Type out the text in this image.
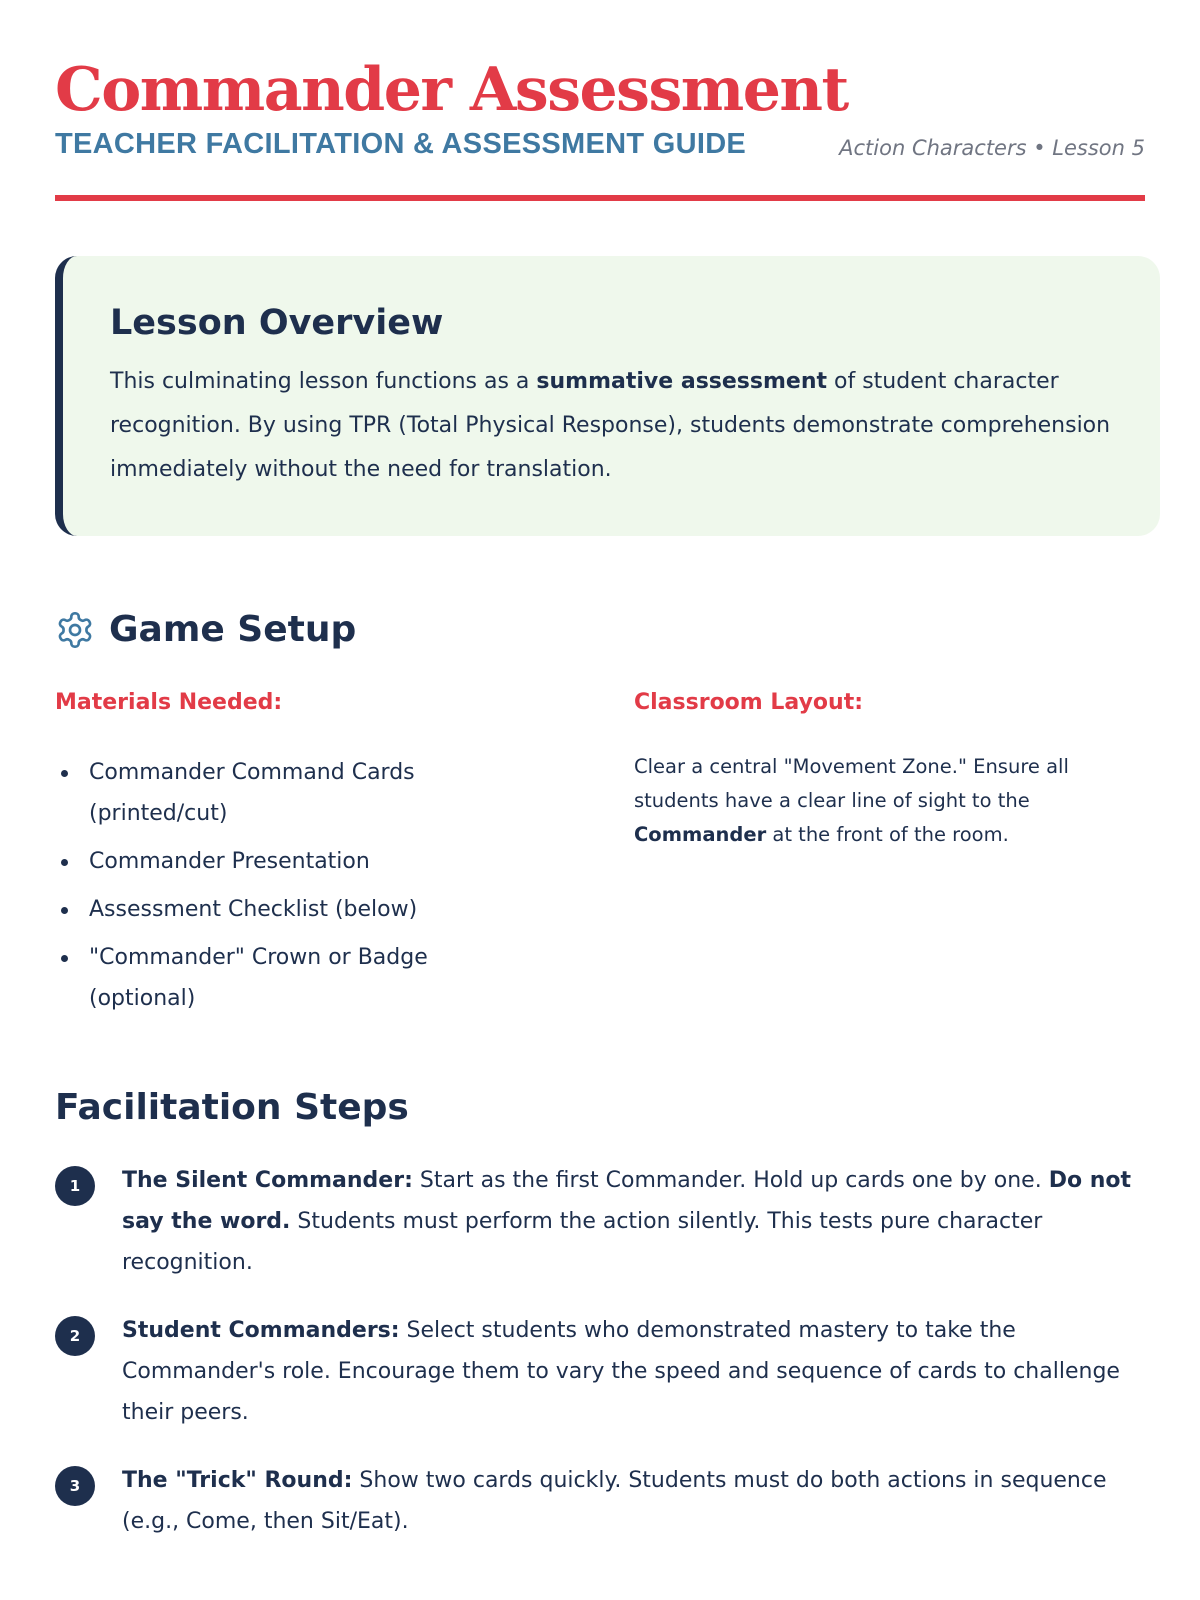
Commander Assessment
TEACHER FACILITATION & ASSESSMENT GUIDE	Action Characters • Lesson 5
Lesson Overview

This culminating lesson functions as a summative assessment of student character recognition. By using TPR (Total Physical Response), students demonstrate comprehension immediately without the need for translation.

Game Setup
Materials Needed:
Commander Command Cards (printed/cut)
Commander Presentation
Assessment Checklist (below)
"Commander" Crown or Badge (optional)
Classroom Layout:

Clear a central "Movement Zone." Ensure all students have a clear line of sight to the Commander at the front of the room.

Facilitation Steps
1	The Silent Commander: Start as the first Commander. Hold up cards one by one. Do not say the word. Students must perform the action silently. This tests pure character recognition.

2	Student Commanders: Select students who demonstrated mastery to take the Commander's role. Encourage them to vary the speed and sequence of cards to challenge their peers.

3	The "Trick" Round: Show two cards quickly. Students must do both actions in sequence (e.g., Come, then Sit/Eat).
